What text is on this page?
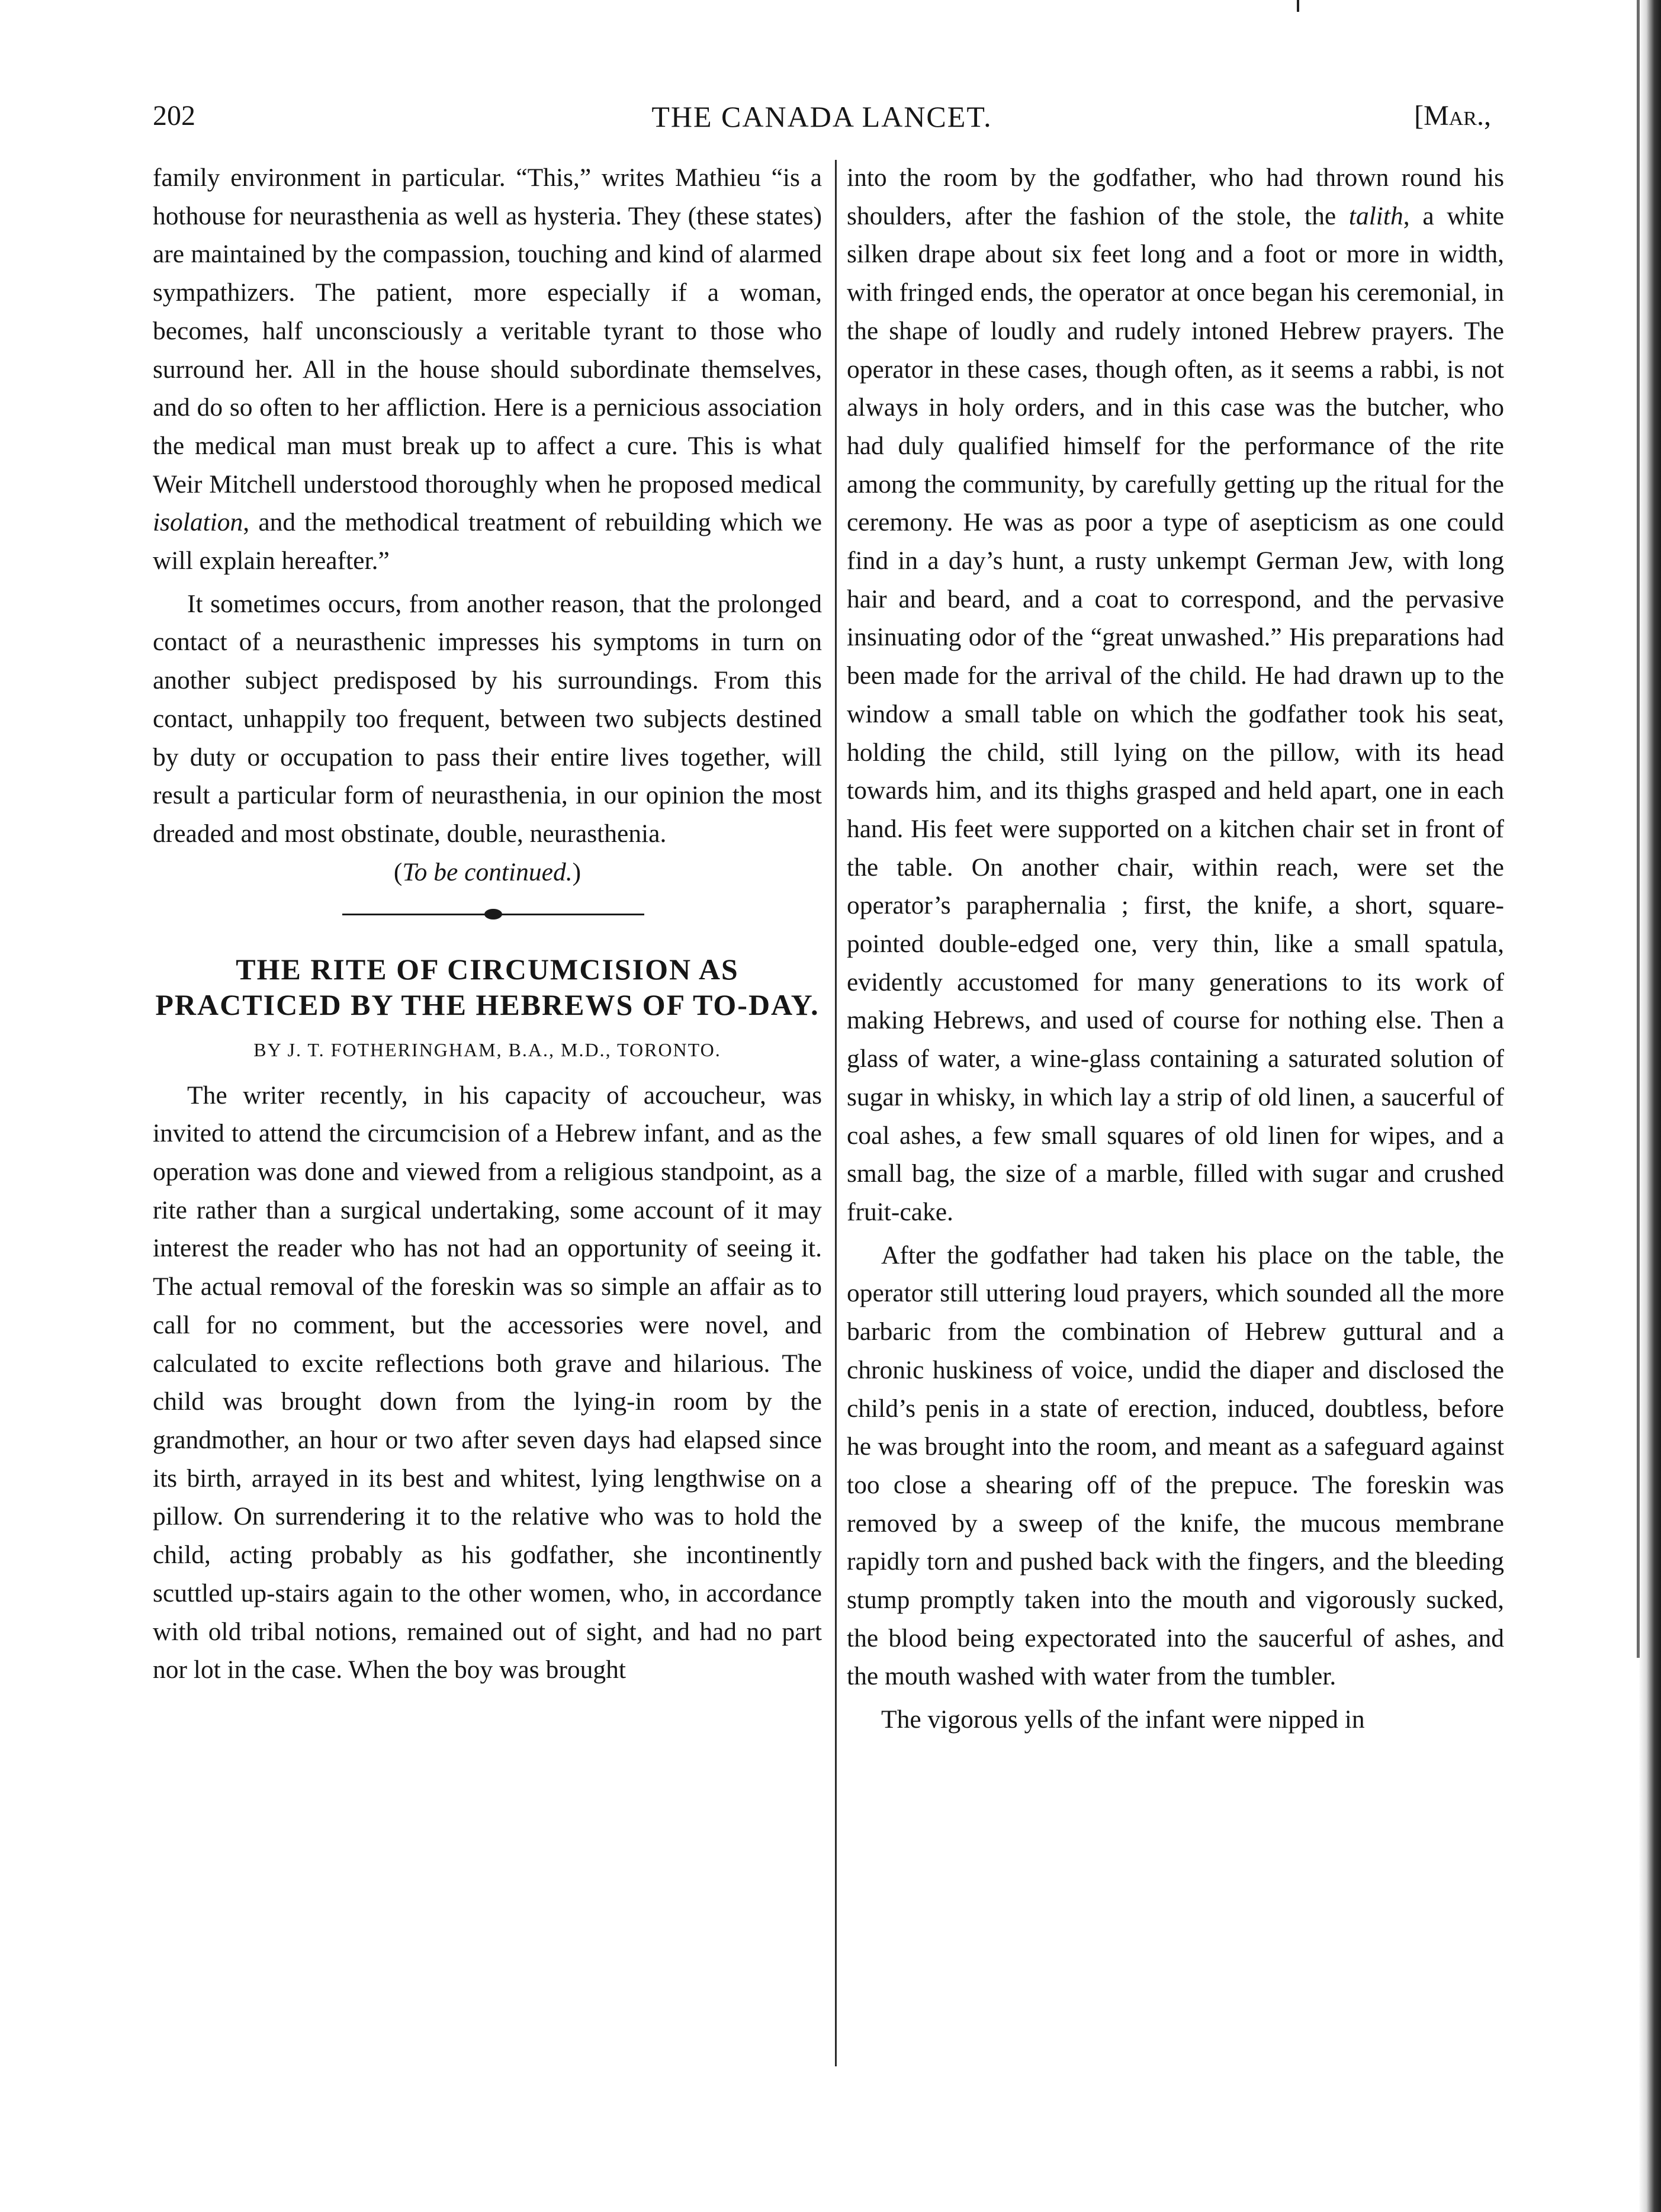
202	THE CANADA LANCET.	[Mar.,

family environment in particular. “This,” writes Mathieu “is a hothouse for neurasthenia as well as hysteria. They (these states) are maintained by the compassion, touching and kind of alarmed sympathizers. The patient, more especially if a woman, becomes, half unconsciously a veritable tyrant to those who surround her. All in the house should subordinate themselves, and do so often to her affliction. Here is a pernicious association the medical man must break up to affect a cure. This is what Weir Mitchell understood thoroughly when he proposed medical isolation, and the methodical treatment of rebuilding which we will explain hereafter.”

It sometimes occurs, from another reason, that the prolonged contact of a neurasthenic impresses his symptoms in turn on another subject predisposed by his surroundings. From this contact, unhappily too frequent, between two subjects destined by duty or occupation to pass their entire lives together, will result a particular form of neurasthenia, in our opinion the most dreaded and most obstinate, double, neurasthenia.

(To be continued.)

THE RITE OF CIRCUMCISION AS PRACTICED BY THE HEBREWS OF TO-DAY.
BY J. T. FOTHERINGHAM, B.A., M.D., TORONTO.

The writer recently, in his capacity of accoucheur, was invited to attend the circumcision of a Hebrew infant, and as the operation was done and viewed from a religious standpoint, as a rite rather than a surgical undertaking, some account of it may interest the reader who has not had an opportunity of seeing it. The actual removal of the foreskin was so simple an affair as to call for no comment, but the accessories were novel, and calculated to excite reflections both grave and hilarious. The child was brought down from the lying-in room by the grandmother, an hour or two after seven days had elapsed since its birth, arrayed in its best and whitest, lying lengthwise on a pillow. On surrendering it to the relative who was to hold the child, acting probably as his godfather, she incontinently scuttled up-stairs again to the other women, who, in accordance with old tribal notions, remained out of sight, and had no part nor lot in the case. When the boy was brought

into the room by the godfather, who had thrown round his shoulders, after the fashion of the stole, the talith, a white silken drape about six feet long and a foot or more in width, with fringed ends, the operator at once began his ceremonial, in the shape of loudly and rudely intoned Hebrew prayers. The operator in these cases, though often, as it seems a rabbi, is not always in holy orders, and in this case was the butcher, who had duly qualified himself for the performance of the rite among the community, by carefully getting up the ritual for the ceremony. He was as poor a type of asepticism as one could find in a day’s hunt, a rusty unkempt German Jew, with long hair and beard, and a coat to correspond, and the pervasive insinuating odor of the “great unwashed.” His preparations had been made for the arrival of the child. He had drawn up to the window a small table on which the godfather took his seat, holding the child, still lying on the pillow, with its head towards him, and its thighs grasped and held apart, one in each hand. His feet were supported on a kitchen chair set in front of the table. On another chair, within reach, were set the operator’s paraphernalia ; first, the knife, a short, square-pointed double-edged one, very thin, like a small spatula, evidently accustomed for many generations to its work of making Hebrews, and used of course for nothing else. Then a glass of water, a wine-glass containing a saturated solution of sugar in whisky, in which lay a strip of old linen, a saucerful of coal ashes, a few small squares of old linen for wipes, and a small bag, the size of a marble, filled with sugar and crushed fruit-cake.

After the godfather had taken his place on the table, the operator still uttering loud prayers, which sounded all the more barbaric from the combination of Hebrew guttural and a chronic huskiness of voice, undid the diaper and disclosed the child’s penis in a state of erection, induced, doubtless, before he was brought into the room, and meant as a safeguard against too close a shearing off of the prepuce. The foreskin was removed by a sweep of the knife, the mucous membrane rapidly torn and pushed back with the fingers, and the bleeding stump promptly taken into the mouth and vigorously sucked, the blood being expectorated into the saucerful of ashes, and the mouth washed with water from the tumbler.

The vigorous yells of the infant were nipped in
